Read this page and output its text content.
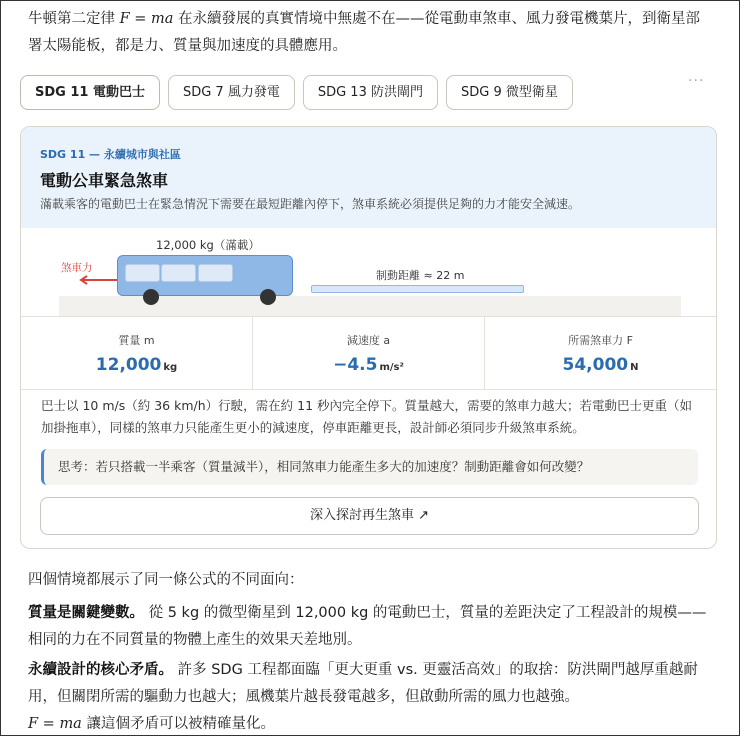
牛頓第二定律 F = ma 在永續發展的真實情境中無處不在——從電動車煞車、風力發電機葉片，到衛星部署太陽能板，都是力、質量與加速度的具體應用。
SDG 11 電動巴士	SDG 7 風力發電	SDG 13 防洪閘門	SDG 9 微型衛星
···
SDG 11 — 永續城市與社區
電動公車緊急煞車
滿載乘客的電動巴士在緊急情況下需要在最短距離內停下，煞車系統必須提供足夠的力才能安全減速。
12,000 kg（滿載）
煞車力
制動距離 ≈ 22 m
質量 m
12,000 kg
減速度 a
−4.5 m/s²
所需煞車力 F
54,000 N
巴士以 10 m/s（約 36 km/h）行駛，需在約 11 秒內完全停下。質量越大，需要的煞車力越大；若電動巴士更重（如加掛拖車），同樣的煞車力只能產生更小的減速度，停車距離更長，設計師必須同步升級煞車系統。
思考：若只搭載一半乘客（質量減半），相同煞車力能產生多大的加速度？制動距離會如何改變？
深入探討再生煞車 ↗
四個情境都展示了同一條公式的不同面向：
質量是關鍵變數。 從 5 kg 的微型衛星到 12,000 kg 的電動巴士，質量的差距決定了工程設計的規模——相同的力在不同質量的物體上產生的效果天差地別。
永續設計的核心矛盾。 許多 SDG 工程都面臨「更大更重 vs. 更靈活高效」的取捨：防洪閘門越厚重越耐用，但關閉所需的驅動力也越大；風機葉片越長發電越多，但啟動所需的風力也越強。
F = ma 讓這個矛盾可以被精確量化。
